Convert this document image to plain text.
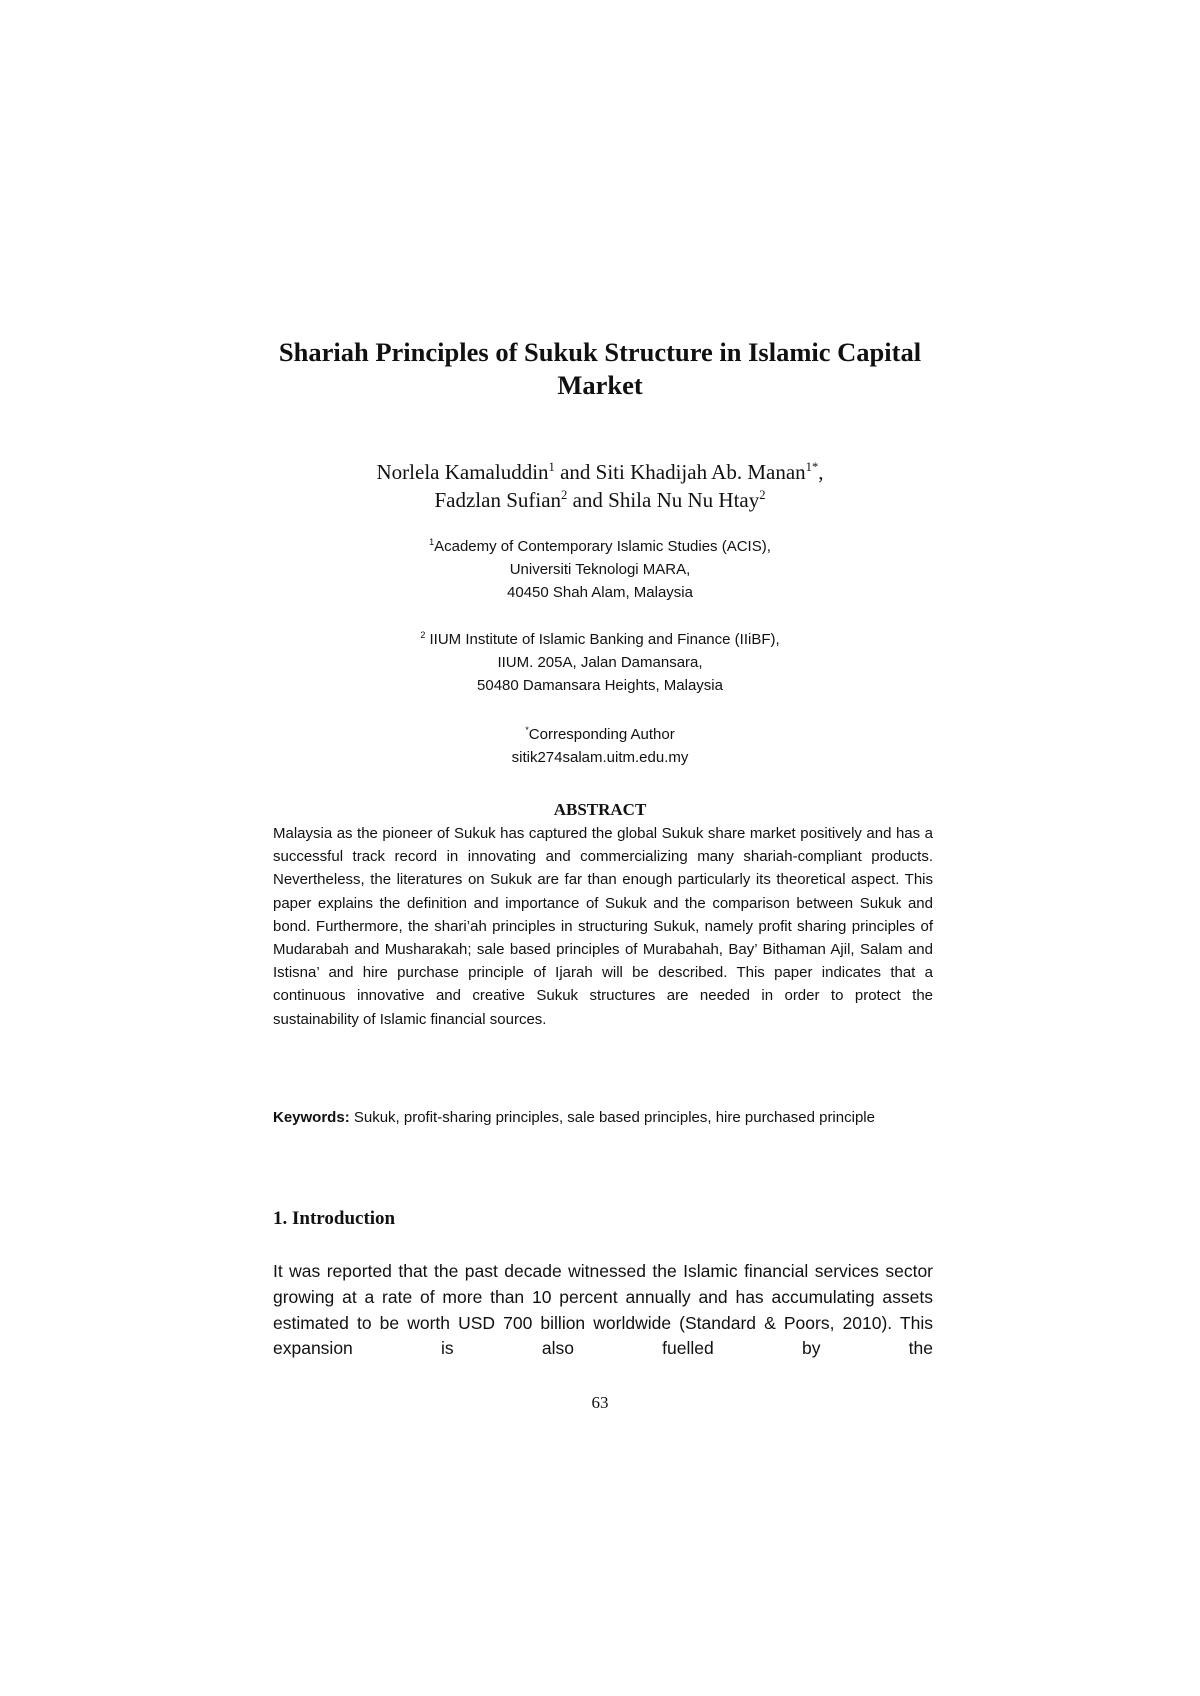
Shariah Principles of Sukuk Structure in Islamic Capital Market
Norlela Kamaluddin$^1$ and Siti Khadijah Ab. Manan$^{1*}$,
Fadzlan Sufian$^2$ and Shila Nu Nu Htay$^2$
$^1$Academy of Contemporary Islamic Studies (ACIS),
Universiti Teknologi MARA,
40450 Shah Alam, Malaysia
$^2$ IIUM Institute of Islamic Banking and Finance (IIiBF),
IIUM. 205A, Jalan Damansara,
50480 Damansara Heights, Malaysia
*Corresponding Author
sitik274salam.uitm.edu.my
ABSTRACT

Malaysia as the pioneer of Sukuk has captured the global Sukuk share market positively and has a successful track record in innovating and commercializing many shariah-compliant products. Nevertheless, the literatures on Sukuk are far than enough particularly its theoretical aspect. This paper explains the definition and importance of Sukuk and the comparison between Sukuk and bond. Furthermore, the shari’ah principles in structuring Sukuk, namely profit sharing principles of Mudarabah and Musharakah; sale based principles of Murabahah, Bay’ Bithaman Ajil, Salam and Istisna’ and hire purchase principle of Ijarah will be described. This paper indicates that a continuous innovative and creative Sukuk structures are needed in order to protect the sustainability of Islamic financial sources.

Keywords: Sukuk, profit-sharing principles, sale based principles, hire purchased principle

1. Introduction

It was reported that the past decade witnessed the Islamic financial services sector growing at a rate of more than 10 percent annually and has accumulating assets estimated to be worth USD 700 billion worldwide (Standard & Poors, 2010). This expansion is also fuelled by the

63
